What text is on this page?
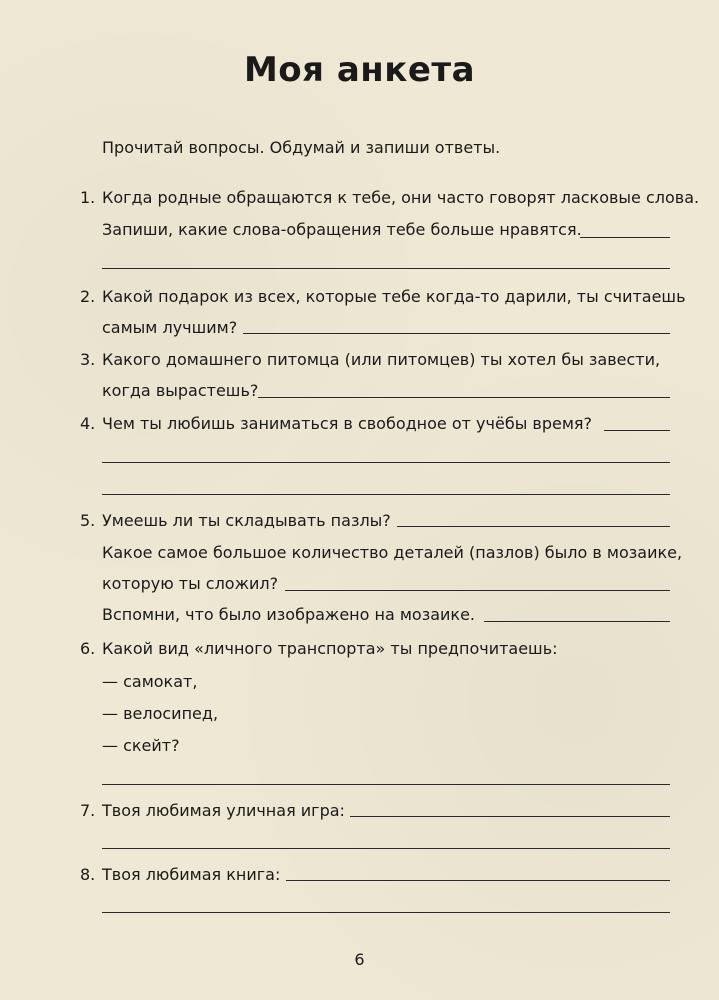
Моя анкета
Прочитай вопросы. Обдумай и запиши ответы.
1. Когда родные обращаются к тебе, они часто говорят ласковые слова.
Запиши, какие слова-обращения тебе больше нравятся.
2. Какой подарок из всех, которые тебе когда-то дарили, ты считаешь
самым лучшим?
3. Какого домашнего питомца (или питомцев) ты хотел бы завести,
когда вырастешь?
4. Чем ты любишь заниматься в свободное от учёбы время?
5. Умеешь ли ты складывать пазлы?
Какое самое большое количество деталей (пазлов) было в мозаике,
которую ты сложил?
Вспомни, что было изображено на мозаике.
6. Какой вид «личного транспорта» ты предпочитаешь:
— самокат,
— велосипед,
— скейт?
7. Твоя любимая уличная игра:
8. Твоя любимая книга:
6
